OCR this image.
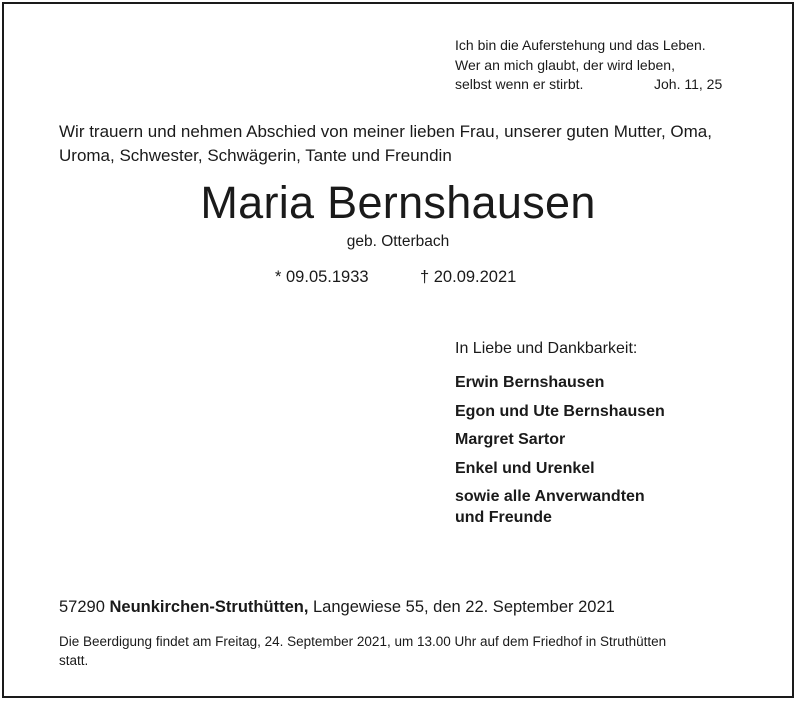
Ich bin die Auferstehung und das Leben.
Wer an mich glaubt, der wird leben,
selbst wenn er stirbt.	Joh. 11, 25
Wir trauern und nehmen Abschied von meiner lieben Frau, unserer guten Mutter, Oma,
Uroma, Schwester, Schwägerin, Tante und Freundin
Maria Bernshausen
geb. Otterbach
* 09.05.1933	† 20.09.2021
In Liebe und Dankbarkeit:
Erwin Bernshausen
Egon und Ute Bernshausen
Margret Sartor
Enkel und Urenkel
sowie alle Anverwandten
und Freunde
57290 Neunkirchen-Struthütten, Langewiese 55, den 22. September 2021
Die Beerdigung findet am Freitag, 24. September 2021, um 13.00 Uhr auf dem Friedhof in Struthütten
statt.
